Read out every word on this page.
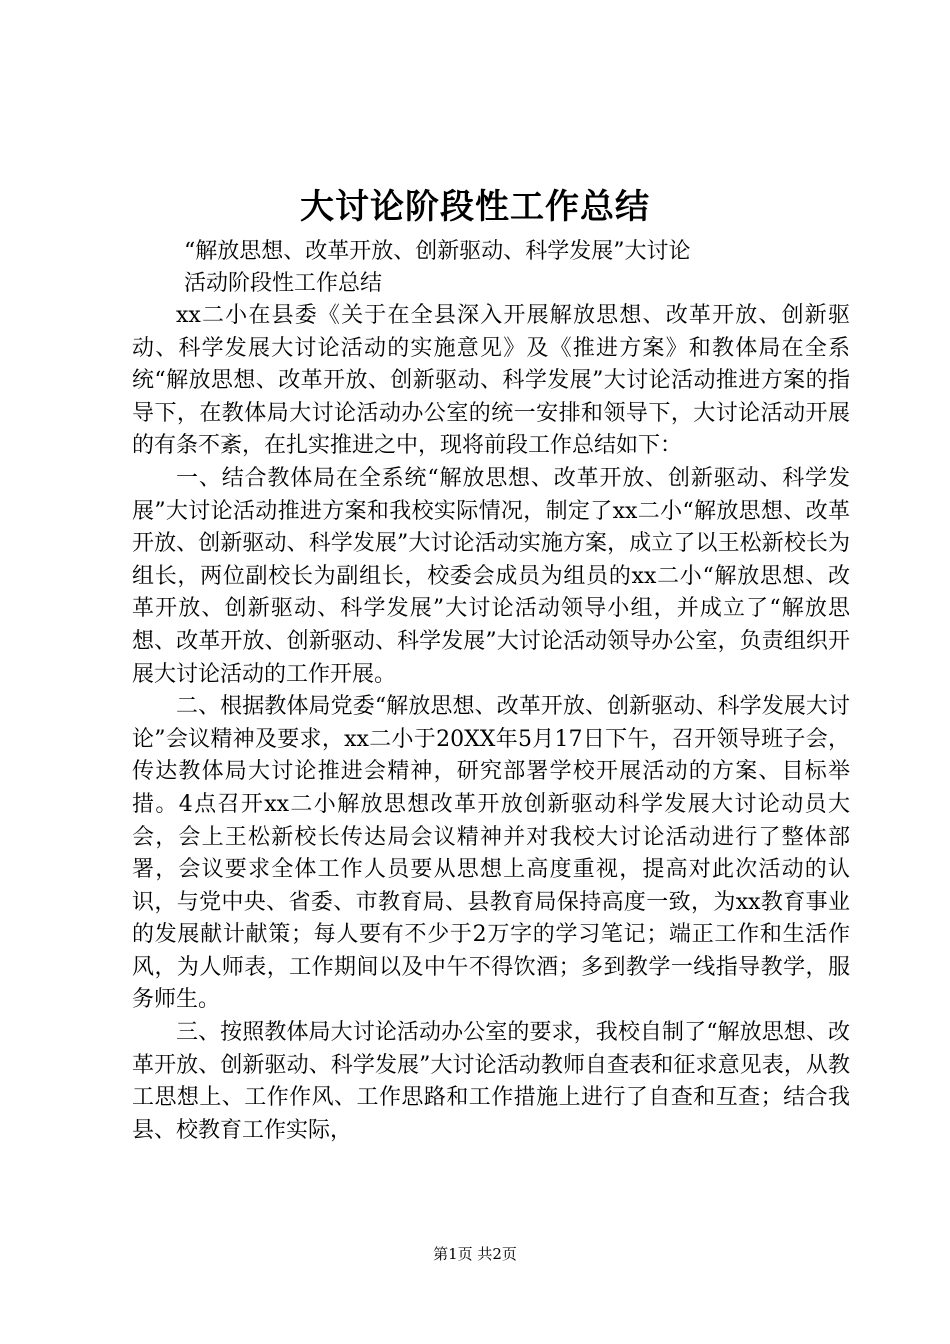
大讨论阶段性工作总结
“解放思想、改革开放、创新驱动、科学发展”大讨论
活动阶段性工作总结

xx二小在县委《关于在全县深入开展解放思想、改革开放、创新驱动、科学发展大讨论活动的实施意见》及《推进方案》和教体局在全系统“解放思想、改革开放、创新驱动、科学发展”大讨论活动推进方案的指导下，在教体局大讨论活动办公室的统一安排和领导下，大讨论活动开展的有条不紊，在扎实推进之中，现将前段工作总结如下：

一、结合教体局在全系统“解放思想、改革开放、创新驱动、科学发展”大讨论活动推进方案和我校实际情况，制定了xx二小“解放思想、改革开放、创新驱动、科学发展”大讨论活动实施方案，成立了以王松新校长为组长，两位副校长为副组长，校委会成员为组员的xx二小“解放思想、改革开放、创新驱动、科学发展”大讨论活动领导小组，并成立了“解放思想、改革开放、创新驱动、科学发展”大讨论活动领导办公室，负责组织开展大讨论活动的工作开展。

二、根据教体局党委“解放思想、改革开放、创新驱动、科学发展大讨论”会议精神及要求，xx二小于20XX年5月17日下午，召开领导班子会，传达教体局大讨论推进会精神，研究部署学校开展活动的方案、目标举措。4点召开xx二小解放思想改革开放创新驱动科学发展大讨论动员大会，会上王松新校长传达局会议精神并对我校大讨论活动进行了整体部署，会议要求全体工作人员要从思想上高度重视，提高对此次活动的认识，与党中央、省委、市教育局、县教育局保持高度一致，为xx教育事业的发展献计献策；每人要有不少于2万字的学习笔记；端正工作和生活作风，为人师表，工作期间以及中午不得饮酒；多到教学一线指导教学，服务师生。

三、按照教体局大讨论活动办公室的要求，我校自制了“解放思想、改革开放、创新驱动、科学发展”大讨论活动教师自查表和征求意见表，从教工思想上、工作作风、工作思路和工作措施上进行了自查和互查；结合我县、校教育工作实际，

第1页 共2页
